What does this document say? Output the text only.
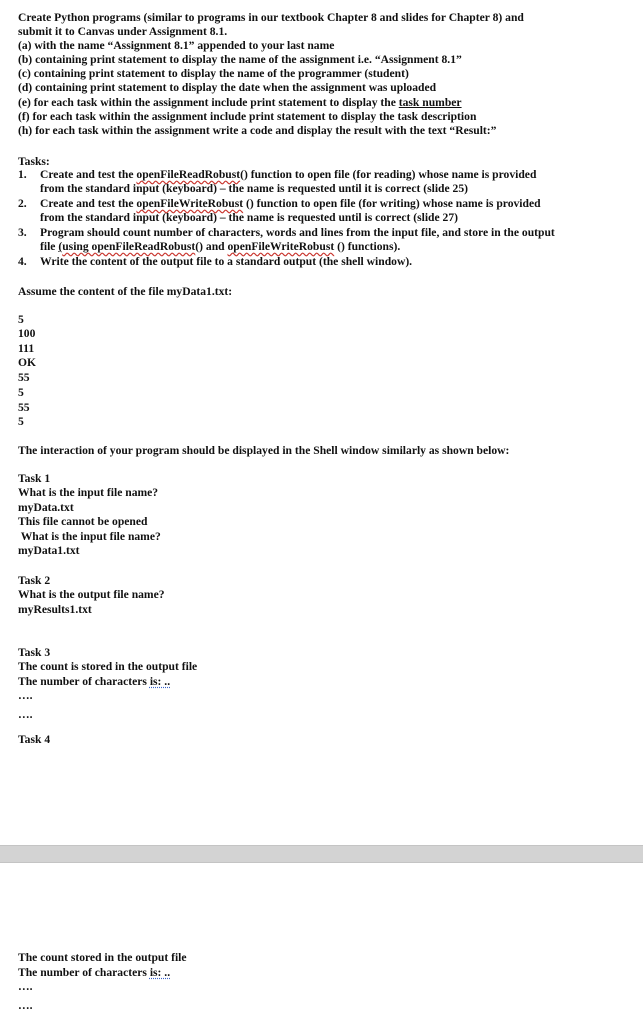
Create Python programs (similar to programs in our textbook Chapter 8 and slides for Chapter 8) and
submit it to Canvas under Assignment 8.1.
(a) with the name “Assignment 8.1” appended to your last name
(b) containing print statement to display the name of the assignment i.e. “Assignment 8.1”
(c) containing print statement to display the name of the programmer (student)
(d) containing print statement to display the date when the assignment was uploaded
(e) for each task within the assignment include print statement to display the task number
(f) for each task within the assignment include print statement to display the task description
(h) for each task within the assignment write a code and display the result with the text “Result:”
Tasks:
1. Create and test the openFileReadRobust() function to open file (for reading) whose name is provided
from the standard input (keyboard) – the name is requested until it is correct (slide 25)
2. Create and test the openFileWriteRobust () function to open file (for writing) whose name is provided
from the standard input (keyboard) – the name is requested until is correct (slide 27)
3. Program should count number of characters, words and lines from the input file, and store in the output
file (using openFileReadRobust() and openFileWriteRobust () functions).
4. Write the content of the output file to a standard output (the shell window).
Assume the content of the file myData1.txt:
5
100
111
OK
55
5
55
5
The interaction of your program should be displayed in the Shell window similarly as shown below:
Task 1
What is the input file name?
myData.txt
This file cannot be opened
What is the input file name?
myData1.txt
Task 2
What is the output file name?
myResults1.txt
Task 3
The count is stored in the output file
The number of characters is: ..
….
….
Task 4
The count stored in the output file
The number of characters is: ..
….
….
